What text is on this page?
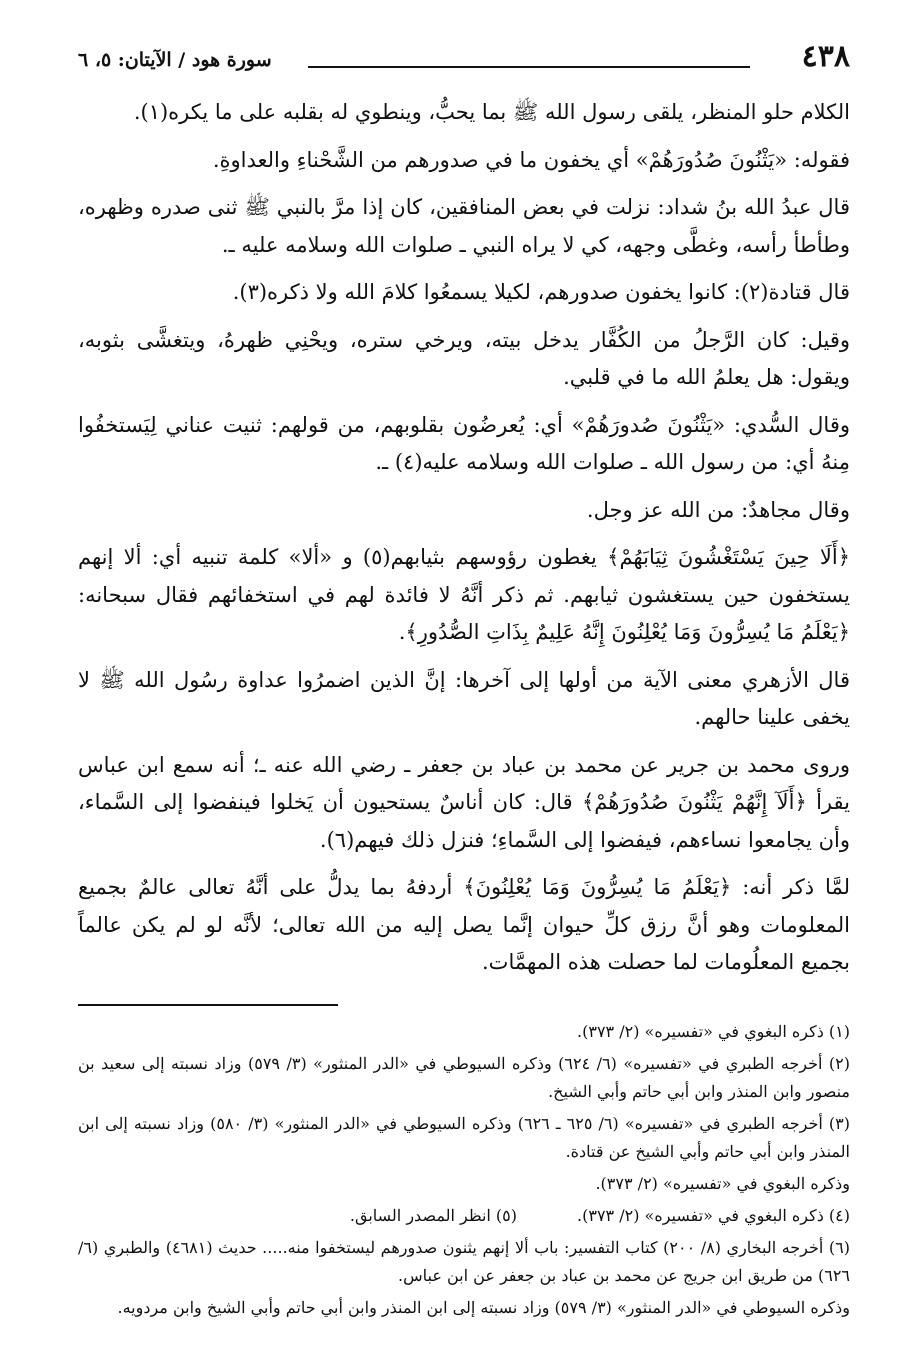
٤٣٨
سورة هود / الآيتان: ٥، ٦

الكلام حلو المنظر، يلقى رسول الله ﷺ بما يحبُّ، وينطوي له بقلبه على ما يكره(١).

فقوله: «يَثْنُونَ صُدُورَهُمْ» أي يخفون ما في صدورهم من الشَّحْناءِ والعداوةِ.

قال عبدُ الله بنُ شداد: نزلت في بعض المنافقين، كان إذا مرَّ بالنبي ﷺ ثنى صدره وظهره، وطأطأ رأسه، وغطَّى وجهه، كي لا يراه النبي ـ صلوات الله وسلامه عليه ـ.

قال قتادة(٢): كانوا يخفون صدورهم، لكيلا يسمعُوا كلامَ الله ولا ذكره(٣).

وقيل: كان الرَّجلُ من الكُفَّار يدخل بيته، ويرخي ستره، ويحْنِي ظهرهُ، ويتغشَّى بثوبه، ويقول: هل يعلمُ الله ما في قلبي.

وقال السُّدي: «يَثْنُونَ صُدورَهُمْ» أي: يُعرضُون بقلوبهم، من قولهم: ثنيت عناني لِيَستخفُوا مِنهُ أي: من رسول الله ـ صلوات الله وسلامه عليه(٤) ـ.

وقال مجاهدٌ: من الله عز وجل.

﴿أَلَا حِينَ يَسْتَغْشُونَ ثِيَابَهُمْ﴾ يغطون رؤوسهم بثيابهم(٥) و «ألا» كلمة تنبيه أي: ألا إنهم يستخفون حين يستغشون ثيابهم. ثم ذكر أنَّهُ لا فائدة لهم في استخفائهم فقال سبحانه: ﴿يَعْلَمُ مَا يُسِرُّونَ وَمَا يُعْلِنُونَ إِنَّهُ عَلِيمٌ بِذَاتِ الصُّدُورِ﴾.

قال الأزهري معنى الآية من أولها إلى آخرها: إنَّ الذين اضمرُوا عداوة رسُول الله ﷺ لا يخفى علينا حالهم.

وروى محمد بن جرير عن محمد بن عباد بن جعفر ـ رضي الله عنه ـ؛ أنه سمع ابن عباس يقرأ ﴿أَلَآ إِنَّهُمْ يَثْنُونَ صُدُورَهُمْ﴾ قال: كان أناسٌ يستحيون أن يَخلوا فينفضوا إلى السَّماء، وأن يجامعوا نساءهم، فيفضوا إلى السَّماءِ؛ فنزل ذلك فيهم(٦).

لمَّا ذكر أنه: ﴿يَعْلَمُ مَا يُسِرُّونَ وَمَا يُعْلِنُونَ﴾ أردفهُ بما يدلُّ على أنَّهُ تعالى عالمٌ بجميع المعلومات وهو أنَّ رزق كلِّ حيوان إنَّما يصل إليه من الله تعالى؛ لأنَّه لو لم يكن عالماً بجميع المعلُومات لما حصلت هذه المهمَّات.

(١) ذكره البغوي في «تفسيره» (٢/ ٣٧٣).

(٢) أخرجه الطبري في «تفسيره» (٦/ ٦٢٤) وذكره السيوطي في «الدر المنثور» (٣/ ٥٧٩) وزاد نسبته إلى سعيد بن منصور وابن المنذر وابن أبي حاتم وأبي الشيخ.

(٣) أخرجه الطبري في «تفسيره» (٦/ ٦٢٥ ـ ٦٢٦) وذكره السيوطي في «الدر المنثور» (٣/ ٥٨٠) وزاد نسبته إلى ابن المنذر وابن أبي حاتم وأبي الشيخ عن قتادة.

وذكره البغوي في «تفسيره» (٢/ ٣٧٣).

(٤) ذكره البغوي في «تفسيره» (٢/ ٣٧٣).

(٥) انظر المصدر السابق.

(٦) أخرجه البخاري (٨/ ٢٠٠) كتاب التفسير: باب ألا إنهم يثنون صدورهم ليستخفوا منه..... حديث (٤٦٨١) والطبري (٦/ ٦٢٦) من طريق ابن جريج عن محمد بن عباد بن جعفر عن ابن عباس.

وذكره السيوطي في «الدر المنثور» (٣/ ٥٧٩) وزاد نسبته إلى ابن المنذر وابن أبي حاتم وأبي الشيخ وابن مردويه.
